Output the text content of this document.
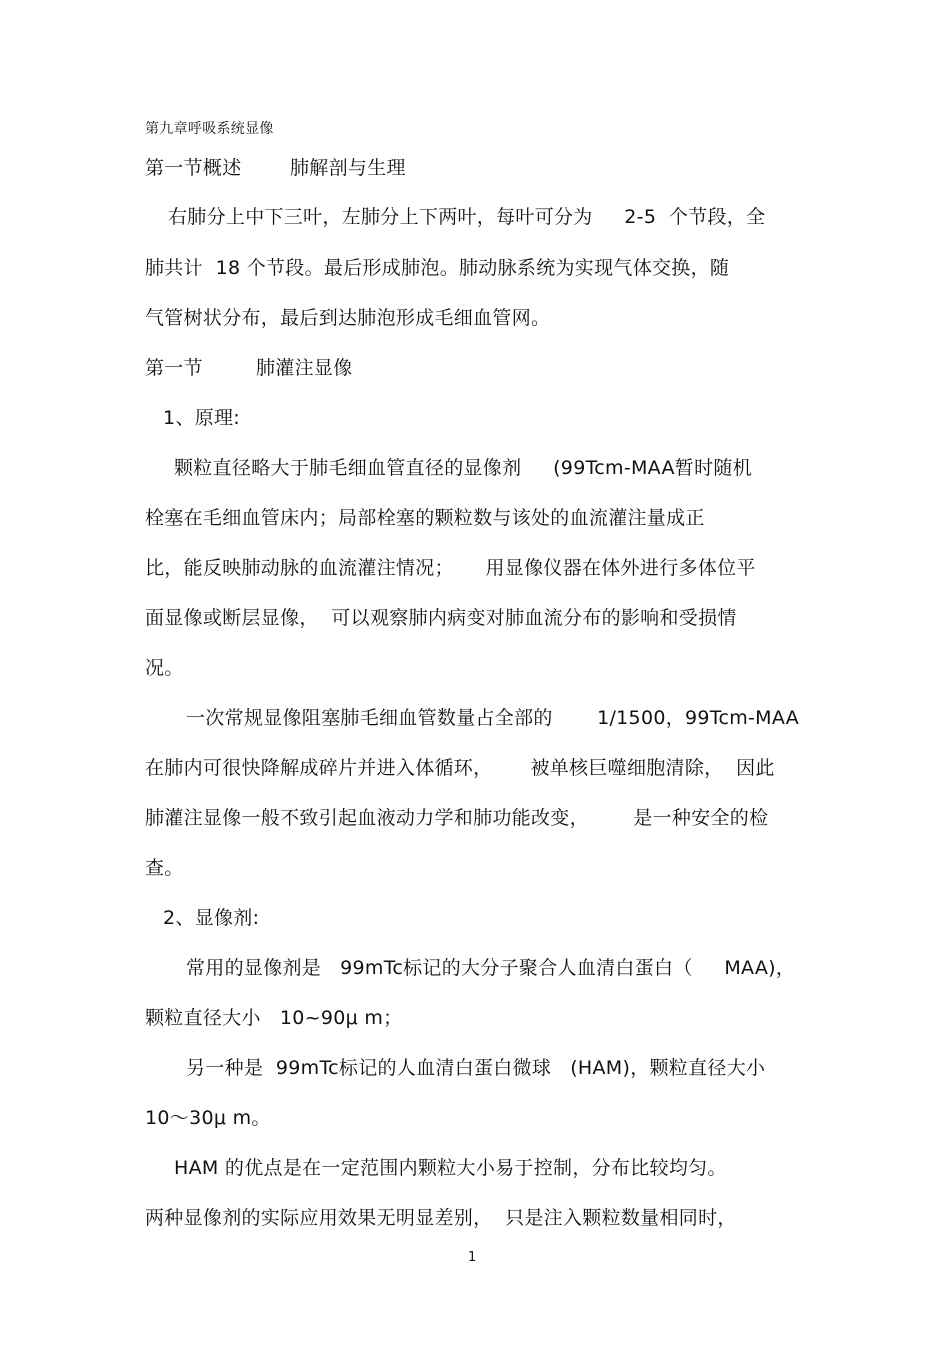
第九章呼吸系统显像
第一节概述	肺解剖与生理
右肺分上中下三叶，左肺分上下两叶，每叶可分为     2-5  个节段，全
肺共计  18 个节段。最后形成肺泡。肺动脉系统为实现气体交换，随
气管树状分布，最后到达肺泡形成毛细血管网。
第一节	肺灌注显像
1、原理:
颗粒直径略大于肺毛细血管直径的显像剂     (99Tcm-MAA暂时随机
栓塞在毛细血管床内；局部栓塞的颗粒数与该处的血流灌注量成正
比，能反映肺动脉的血流灌注情况；     用显像仪器在体外进行多体位平
面显像或断层显像，  可以观察肺内病变对肺血流分布的影响和受损情
况。
一次常规显像阻塞肺毛细血管数量占全部的       1/1500，99Tcm-MAA
在肺内可很快降解成碎片并进入体循环，      被单核巨噬细胞清除，  因此
肺灌注显像一般不致引起血液动力学和肺功能改变，       是一种安全的检
查。
2、显像剂:
常用的显像剂是   99mTc标记的大分子聚合人血清白蛋白（     MAA)，
颗粒直径大小   10~90μ m；
另一种是  99mTc标记的人血清白蛋白微球   (HAM)，颗粒直径大小
10～30μ m。
HAM 的优点是在一定范围内颗粒大小易于控制，分布比较均匀。
两种显像剂的实际应用效果无明显差别，  只是注入颗粒数量相同时，
1
